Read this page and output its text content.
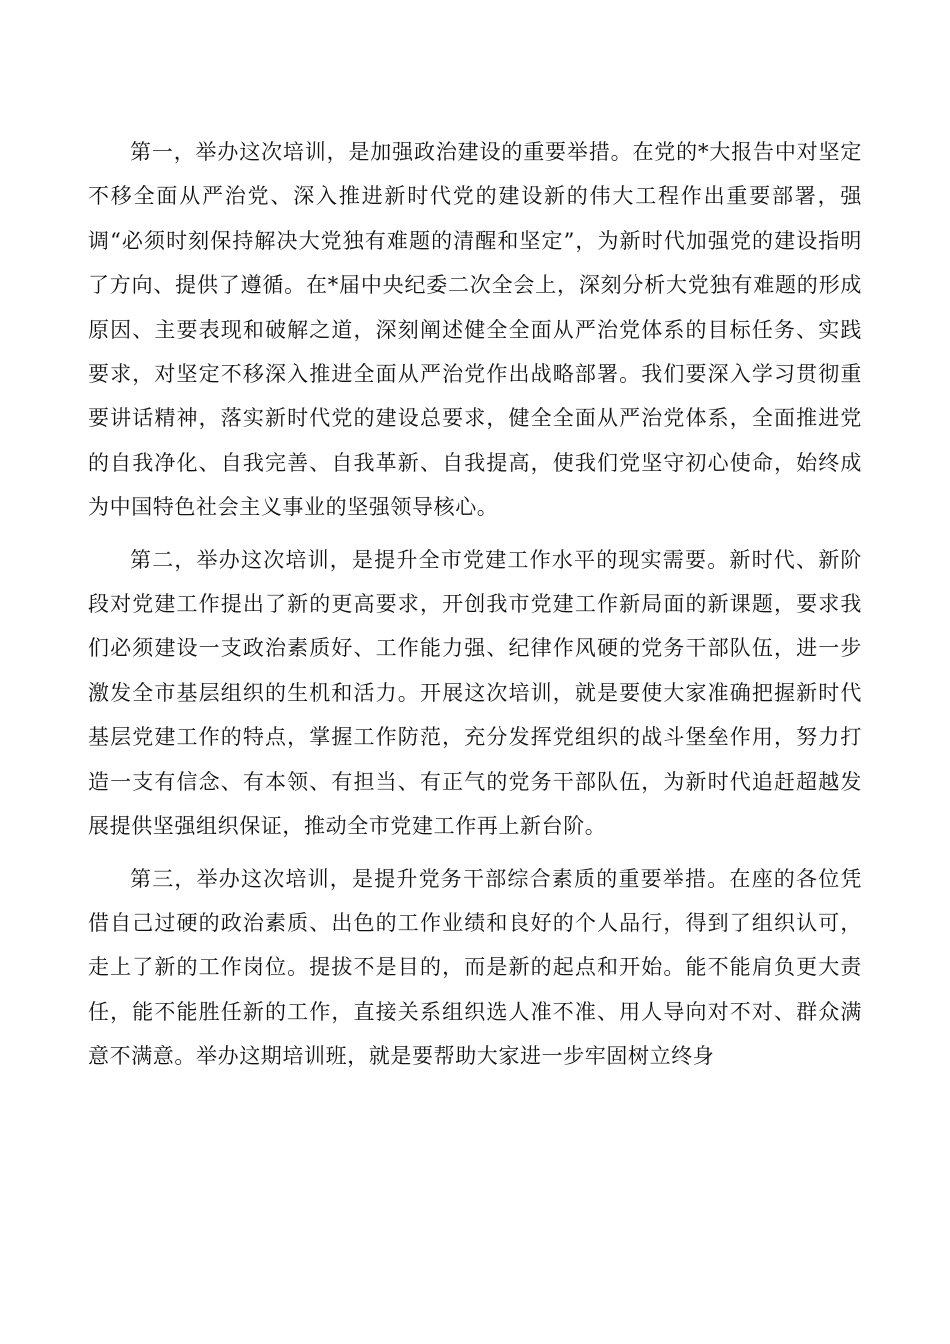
第一，举办这次培训，是加强政治建设的重要举措。在党的*大报告中对坚定不移全面从严治党、深入推进新时代党的建设新的伟大工程作出重要部署，强调“必须时刻保持解决大党独有难题的清醒和坚定”，为新时代加强党的建设指明了方向、提供了遵循。在*届中央纪委二次全会上，深刻分析大党独有难题的形成原因、主要表现和破解之道，深刻阐述健全全面从严治党体系的目标任务、实践要求，对坚定不移深入推进全面从严治党作出战略部署。我们要深入学习贯彻重要讲话精神，落实新时代党的建设总要求，健全全面从严治党体系，全面推进党的自我净化、自我完善、自我革新、自我提高，使我们党坚守初心使命，始终成为中国特色社会主义事业的坚强领导核心。

第二，举办这次培训，是提升全市党建工作水平的现实需要。新时代、新阶段对党建工作提出了新的更高要求，开创我市党建工作新局面的新课题，要求我们必须建设一支政治素质好、工作能力强、纪律作风硬的党务干部队伍，进一步激发全市基层组织的生机和活力。开展这次培训，就是要使大家准确把握新时代基层党建工作的特点，掌握工作防范，充分发挥党组织的战斗堡垒作用，努力打造一支有信念、有本领、有担当、有正气的党务干部队伍，为新时代追赶超越发展提供坚强组织保证，推动全市党建工作再上新台阶。

第三，举办这次培训，是提升党务干部综合素质的重要举措。在座的各位凭借自己过硬的政治素质、出色的工作业绩和良好的个人品行，得到了组织认可，走上了新的工作岗位。提拔不是目的，而是新的起点和开始。能不能肩负更大责任，能不能胜任新的工作，直接关系组织选人准不准、用人导向对不对、群众满意不满意。举办这期培训班，就是要帮助大家进一步牢固树立终身
